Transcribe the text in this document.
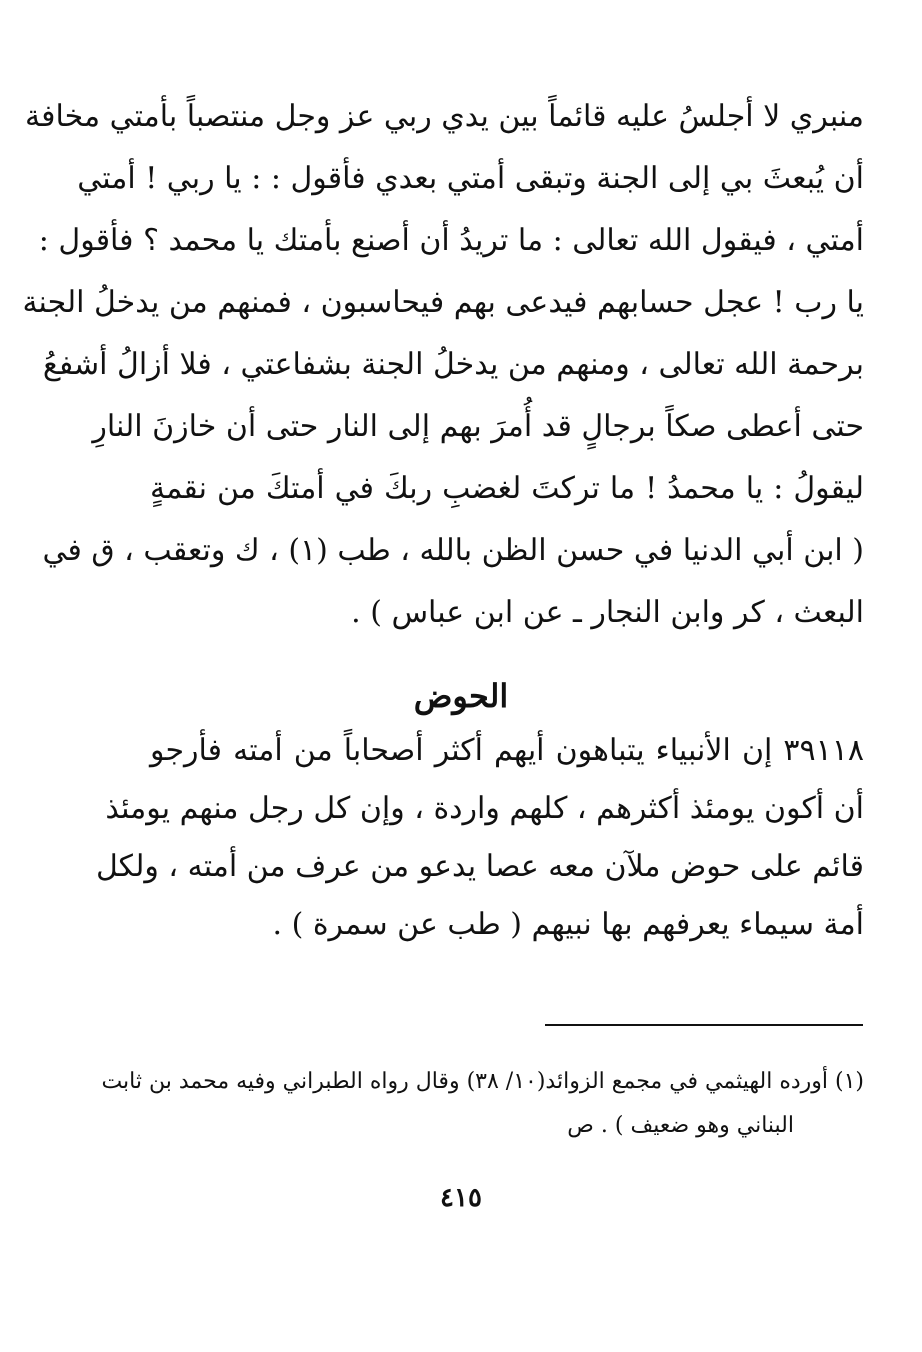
منبري لا أجلسُ عليه قائماً بين يدي ربي عز وجل منتصباً بأمتي مخافة
أن يُبعثَ بي إلى الجنة وتبقى أمتي بعدي فأقول : : يا ربي ! أمتي
أمتي ، فيقول الله تعالى : ما تريدُ أن أصنع بأمتك يا محمد ؟ فأقول :
يا رب ! عجل حسابهم فيدعى بهم فيحاسبون ، فمنهم من يدخلُ الجنة
برحمة الله تعالى ، ومنهم من يدخلُ الجنة بشفاعتي ، فلا أزالُ أشفعُ
حتى أعطى صكاً برجالٍ قد أُمرَ بهم إلى النار حتى أن خازنَ النارِ
ليقولُ : يا محمدُ ! ما تركتَ لغضبِ ربكَ في أمتكَ من نقمةٍ
( ابن أبي الدنيا في حسن الظن بالله ، طب (١) ، ك وتعقب ، ق في
البعث ، كر وابن النجار ـ عن ابن عباس ) .
الحوض
٣٩١١٨ إن الأنبياء يتباهون أيهم أكثر أصحاباً من أمته فأرجو
أن أكون يومئذ أكثرهم ، كلهم واردة ، وإن كل رجل منهم يومئذ
قائم على حوض ملآن معه عصا يدعو من عرف من أمته ، ولكل
أمة سيماء يعرفهم بها نبيهم ( طب عن سمرة ) .
(١) أورده الهيثمي في مجمع الزوائد(١٠/ ٣٨) وقال رواه الطبراني وفيه محمد بن ثابت
البناني وهو ضعيف ) . ص
٤١٥
